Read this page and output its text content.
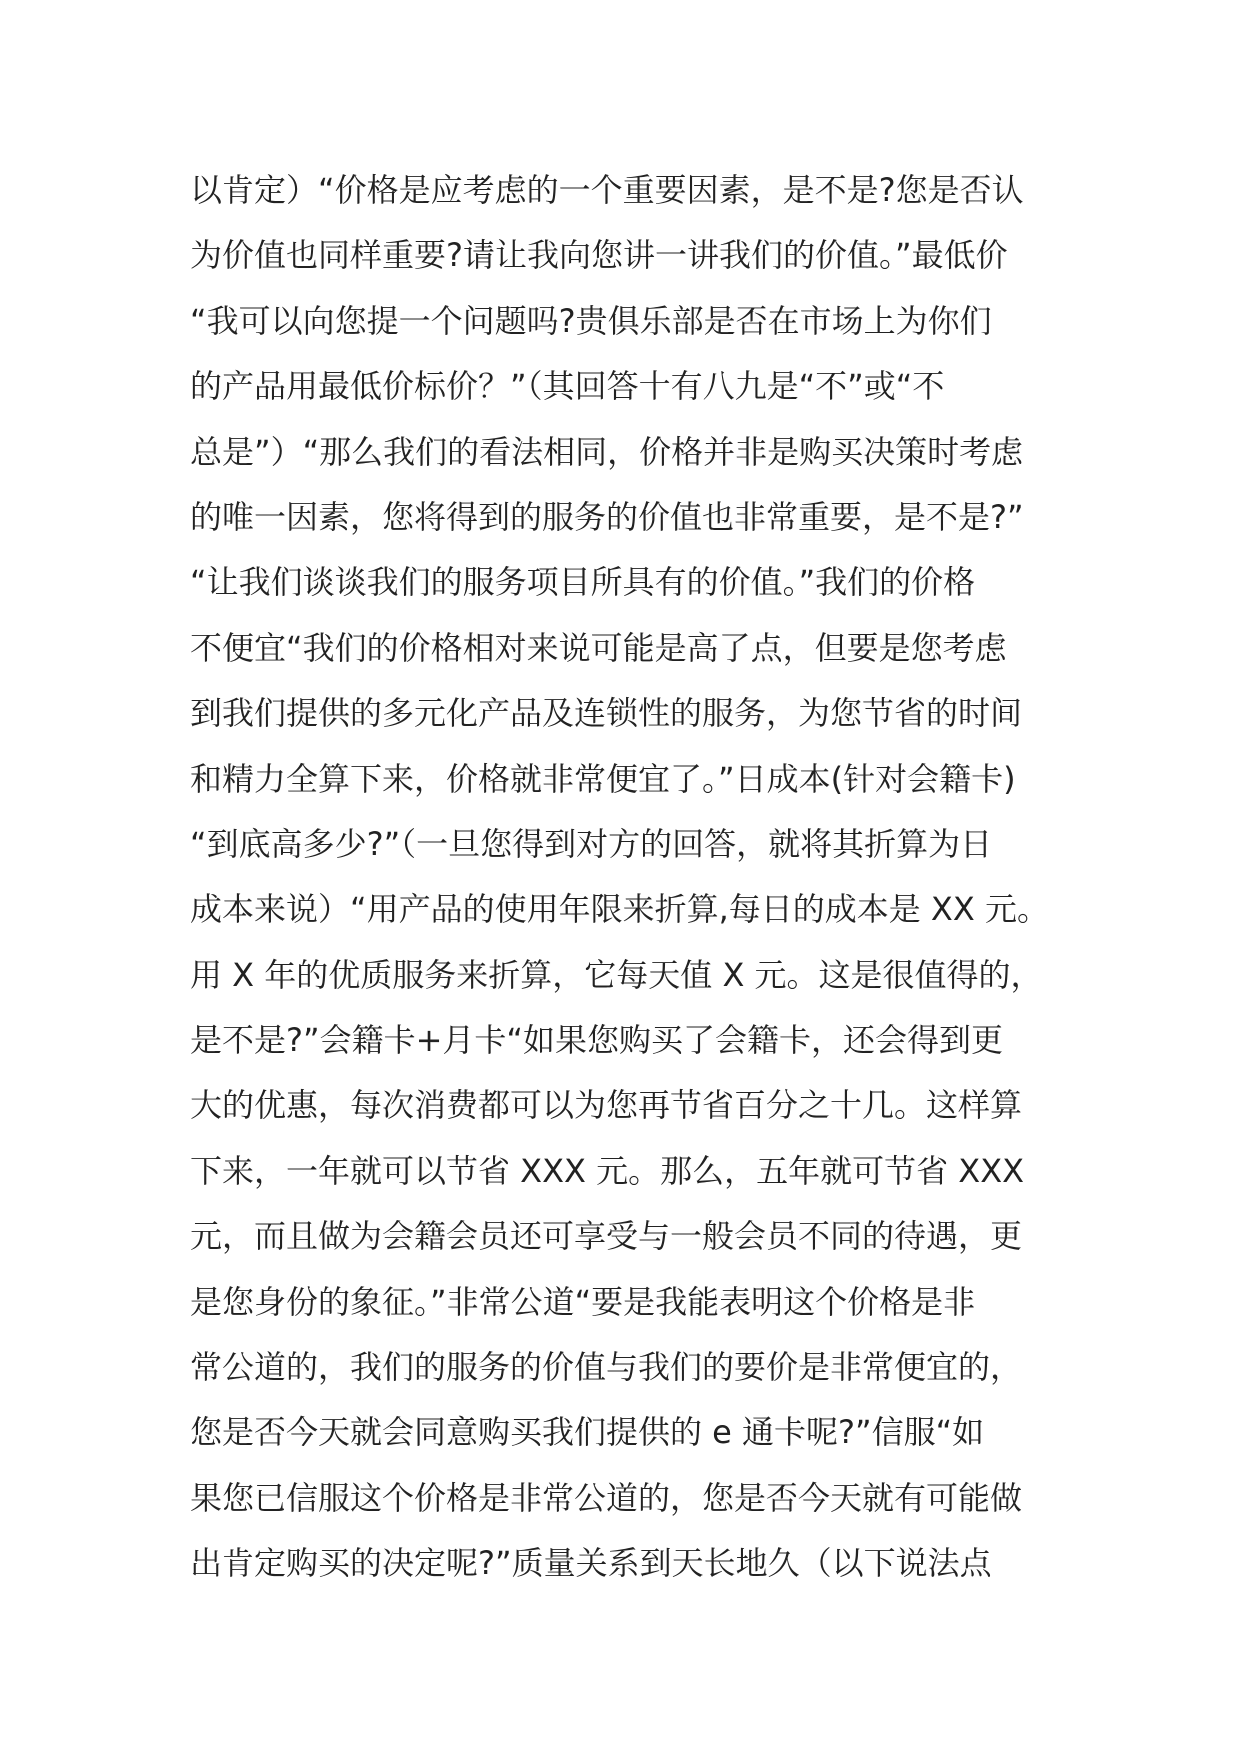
以肯定）“价格是应考虑的一个重要因素，是不是?您是否认
为价值也同样重要?请让我向您讲一讲我们的价值。”最低价
“我可以向您提一个问题吗?贵俱乐部是否在市场上为你们
的产品用最低价标价？”（其回答十有八九是“不”或“不
总是”）“那么我们的看法相同，价格并非是购买决策时考虑
的唯一因素，您将得到的服务的价值也非常重要，是不是?”
“让我们谈谈我们的服务项目所具有的价值。”我们的价格
不便宜“我们的价格相对来说可能是高了点，但要是您考虑
到我们提供的多元化产品及连锁性的服务，为您节省的时间
和精力全算下来，价格就非常便宜了。”日成本(针对会籍卡)
“到底高多少?”（一旦您得到对方的回答，就将其折算为日
成本来说）“用产品的使用年限来折算,每日的成本是 XX 元。
用 X 年的优质服务来折算，它每天值 X 元。这是很值得的，
是不是?”会籍卡+月卡“如果您购买了会籍卡，还会得到更
大的优惠，每次消费都可以为您再节省百分之十几。这样算
下来，一年就可以节省 XXX 元。那么，五年就可节省 XXX
元，而且做为会籍会员还可享受与一般会员不同的待遇，更
是您身份的象征。”非常公道“要是我能表明这个价格是非
常公道的，我们的服务的价值与我们的要价是非常便宜的，
您是否今天就会同意购买我们提供的 e 通卡呢?”信服“如
果您已信服这个价格是非常公道的，您是否今天就有可能做
出肯定购买的决定呢?”质量关系到天长地久（以下说法点
